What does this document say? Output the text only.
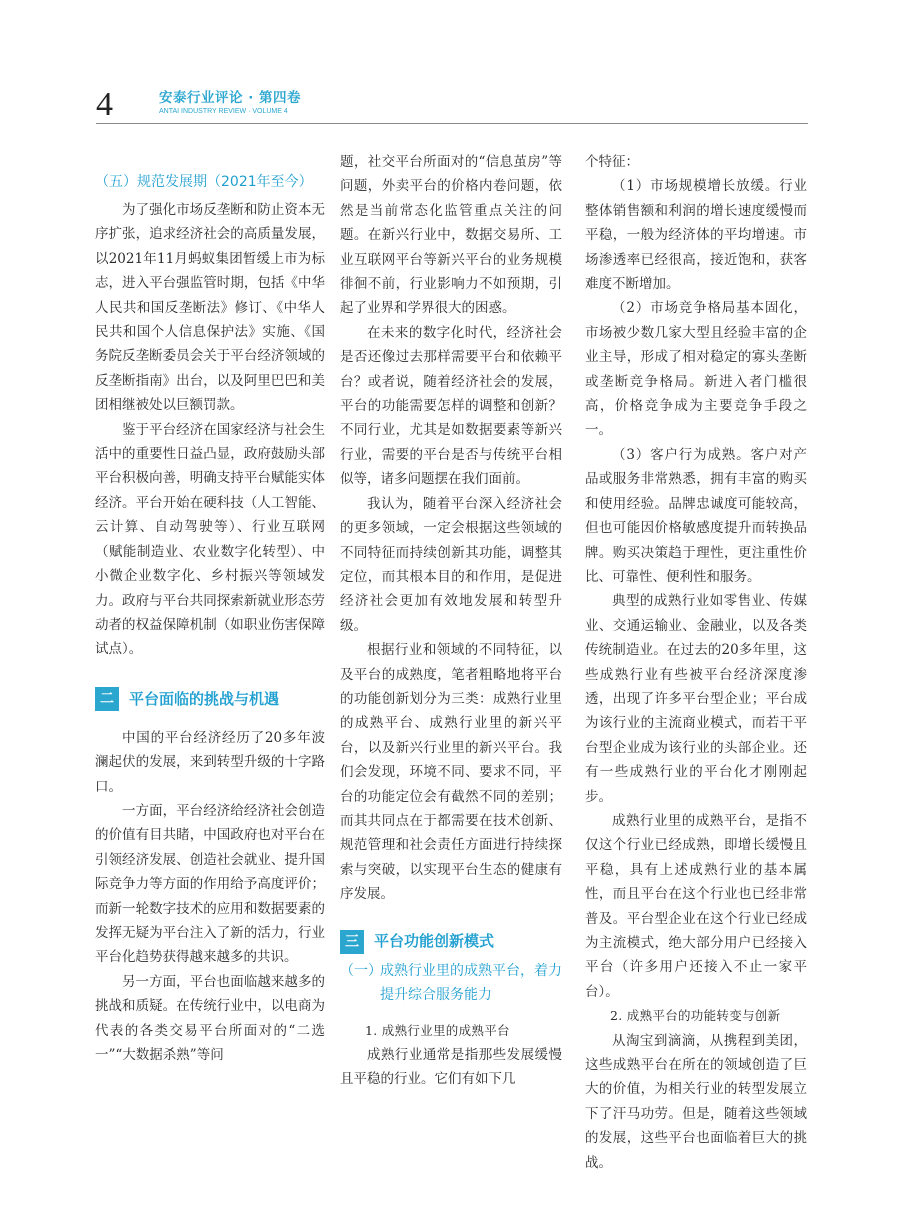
4	安泰行业评论 · 第四卷
ANTAI INDUSTRY REVIEW · VOLUME 4
（五）规范发展期（2021年至今）

为了强化市场反垄断和防止资本无序扩张，追求经济社会的高质量发展，以2021年11月蚂蚁集团暂缓上市为标志，进入平台强监管时期，包括《中华人民共和国反垄断法》修订、《中华人民共和国个人信息保护法》实施、《国务院反垄断委员会关于平台经济领域的反垄断指南》出台，以及阿里巴巴和美团相继被处以巨额罚款。

鉴于平台经济在国家经济与社会生活中的重要性日益凸显，政府鼓励头部平台积极向善，明确支持平台赋能实体经济。平台开始在硬科技（人工智能、云计算、自动驾驶等）、行业互联网（赋能制造业、农业数字化转型）、中小微企业数字化、乡村振兴等领域发力。政府与平台共同探索新就业形态劳动者的权益保障机制（如职业伤害保障试点）。

二	平台面临的挑战与机遇

中国的平台经济经历了20多年波澜起伏的发展，来到转型升级的十字路口。

一方面，平台经济给经济社会创造的价值有目共睹，中国政府也对平台在引领经济发展、创造社会就业、提升国际竞争力等方面的作用给予高度评价；而新一轮数字技术的应用和数据要素的发挥无疑为平台注入了新的活力，行业平台化趋势获得越来越多的共识。

另一方面，平台也面临越来越多的挑战和质疑。在传统行业中，以电商为代表的各类交易平台所面对的“二选一”“大数据杀熟”等问

题，社交平台所面对的“信息茧房”等问题，外卖平台的价格内卷问题，依然是当前常态化监管重点关注的问题。在新兴行业中，数据交易所、工业互联网平台等新兴平台的业务规模徘徊不前，行业影响力不如预期，引起了业界和学界很大的困惑。

在未来的数字化时代，经济社会是否还像过去那样需要平台和依赖平台？或者说，随着经济社会的发展，平台的功能需要怎样的调整和创新？不同行业，尤其是如数据要素等新兴行业，需要的平台是否与传统平台相似等，诸多问题摆在我们面前。

我认为，随着平台深入经济社会的更多领域，一定会根据这些领域的不同特征而持续创新其功能，调整其定位，而其根本目的和作用，是促进经济社会更加有效地发展和转型升级。

根据行业和领域的不同特征，以及平台的成熟度，笔者粗略地将平台的功能创新划分为三类：成熟行业里的成熟平台、成熟行业里的新兴平台，以及新兴行业里的新兴平台。我们会发现，环境不同、要求不同，平台的功能定位会有截然不同的差别；而其共同点在于都需要在技术创新、规范管理和社会责任方面进行持续探索与突破，以实现平台生态的健康有序发展。

三	平台功能创新模式
（一）成熟行业里的成熟平台，着力提升综合服务能力

1. 成熟行业里的成熟平台

成熟行业通常是指那些发展缓慢且平稳的行业。它们有如下几

个特征：

（1）市场规模增长放缓。行业整体销售额和利润的增长速度缓慢而平稳，一般为经济体的平均增速。市场渗透率已经很高，接近饱和，获客难度不断增加。

（2）市场竞争格局基本固化，市场被少数几家大型且经验丰富的企业主导，形成了相对稳定的寡头垄断或垄断竞争格局。新进入者门槛很高，价格竞争成为主要竞争手段之一。

（3）客户行为成熟。客户对产品或服务非常熟悉，拥有丰富的购买和使用经验。品牌忠诚度可能较高，但也可能因价格敏感度提升而转换品牌。购买决策趋于理性，更注重性价比、可靠性、便利性和服务。

典型的成熟行业如零售业、传媒业、交通运输业、金融业，以及各类传统制造业。在过去的20多年里，这些成熟行业有些被平台经济深度渗透，出现了许多平台型企业；平台成为该行业的主流商业模式，而若干平台型企业成为该行业的头部企业。还有一些成熟行业的平台化才刚刚起步。

成熟行业里的成熟平台，是指不仅这个行业已经成熟，即增长缓慢且平稳，具有上述成熟行业的基本属性，而且平台在这个行业也已经非常普及。平台型企业在这个行业已经成为主流模式，绝大部分用户已经接入平台（许多用户还接入不止一家平台）。

2. 成熟平台的功能转变与创新

从淘宝到滴滴，从携程到美团，这些成熟平台在所在的领域创造了巨大的价值，为相关行业的转型发展立下了汗马功劳。但是，随着这些领域的发展，这些平台也面临着巨大的挑战。
